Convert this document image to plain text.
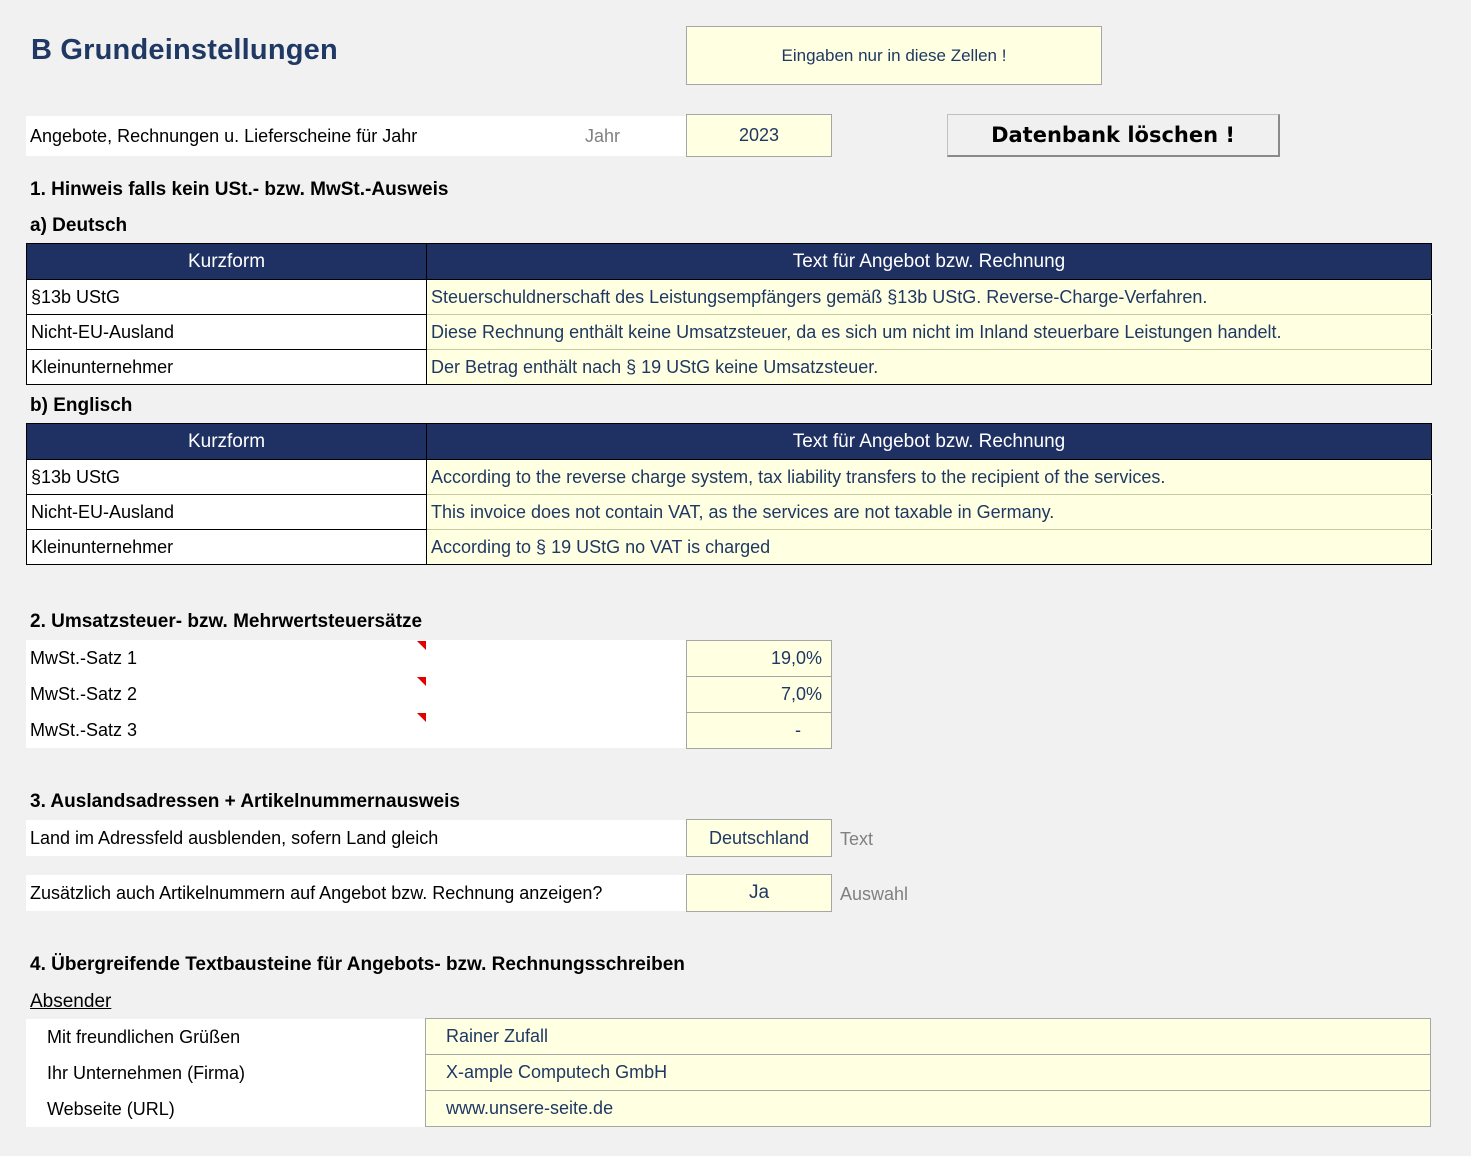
B Grundeinstellungen	Eingaben nur in diese Zellen !
Angebote, Rechnungen u. Lieferscheine für Jahr	Jahr	2023	Datenbank löschen !
1. Hinweis falls kein USt.- bzw. MwSt.-Ausweis
a) Deutsch
Kurzform	Text für Angebot bzw. Rechnung
§13b UStG	Steuerschuldnerschaft des Leistungsempfängers gemäß §13b UStG. Reverse-Charge-Verfahren.
Nicht-EU-Ausland	Diese Rechnung enthält keine Umsatzsteuer, da es sich um nicht im Inland steuerbare Leistungen handelt.
Kleinunternehmer	Der Betrag enthält nach § 19 UStG keine Umsatzsteuer.
b) Englisch
Kurzform	Text für Angebot bzw. Rechnung
§13b UStG	According to the reverse charge system, tax liability transfers to the recipient of the services.
Nicht-EU-Ausland	This invoice does not contain VAT, as the services are not taxable in Germany.
Kleinunternehmer	According to § 19 UStG no VAT is charged
2. Umsatzsteuer- bzw. Mehrwertsteuersätze
MwSt.-Satz 1	19,0%
MwSt.-Satz 2	7,0%
MwSt.-Satz 3	-
3. Auslandsadressen + Artikelnummernausweis
Land im Adressfeld ausblenden, sofern Land gleich	Deutschland	Text
Zusätzlich auch Artikelnummern auf Angebot bzw. Rechnung anzeigen?	Ja	Auswahl
4. Übergreifende Textbausteine für Angebots- bzw. Rechnungsschreiben
Absender
Mit freundlichen Grüßen	Rainer Zufall
Ihr Unternehmen (Firma)	X-ample Computech GmbH
Webseite (URL)	www.unsere-seite.de
